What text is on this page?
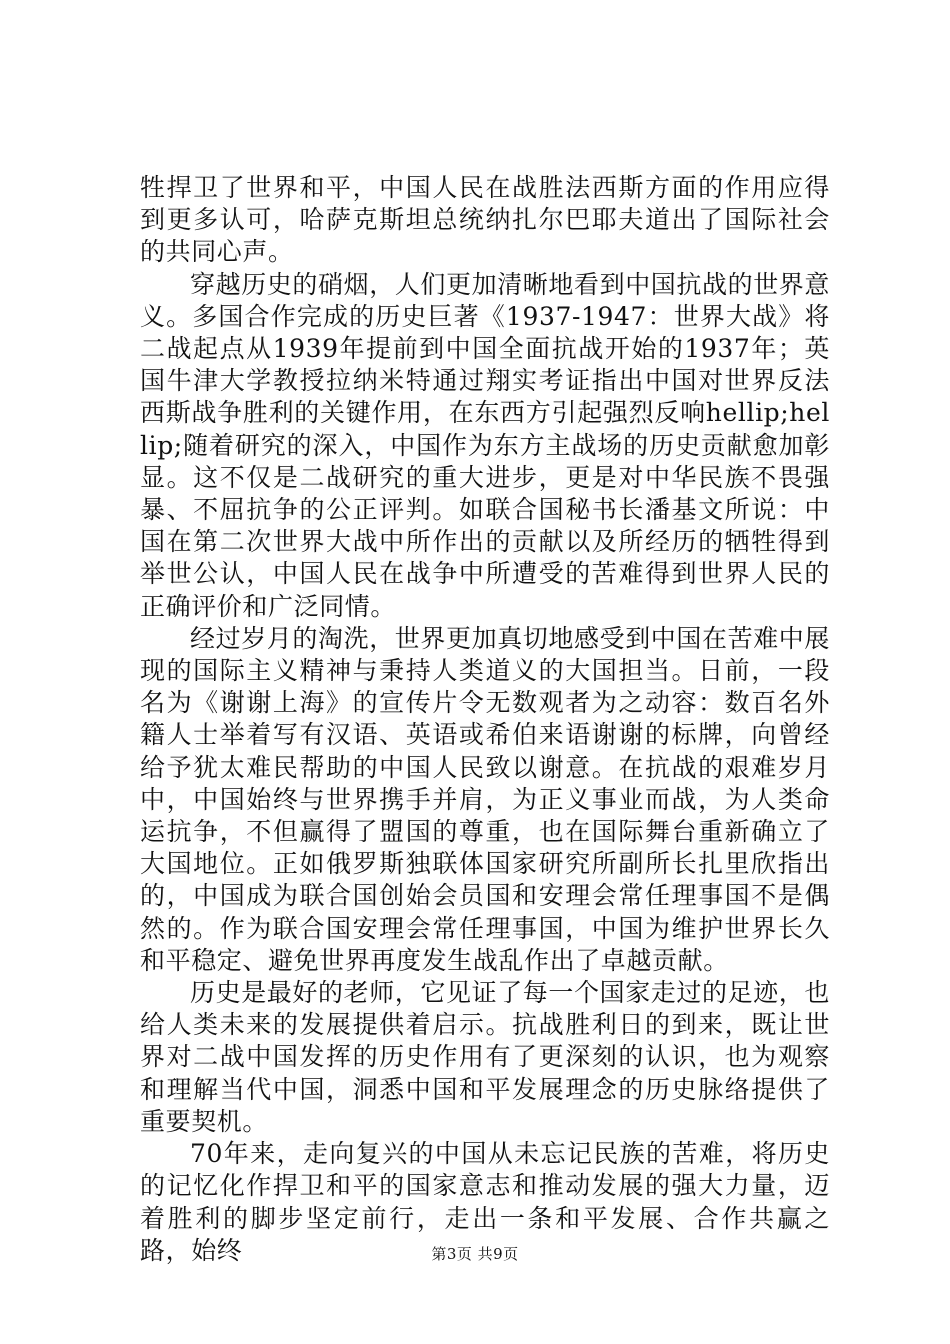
牲捍卫了世界和平，中国人民在战胜法西斯方面的作用应得到更多认可，哈萨克斯坦总统纳扎尔巴耶夫道出了国际社会的共同心声。

穿越历史的硝烟，人们更加清晰地看到中国抗战的世界意义。多国合作完成的历史巨著《1937-1947：世界大战》将二战起点从1939年提前到中国全面抗战开始的1937年；英国牛津大学教授拉纳米特通过翔实考证指出中国对世界反法西斯战争胜利的关键作用，在东西方引起强烈反响hellip;hellip;随着研究的深入，中国作为东方主战场的历史贡献愈加彰显。这不仅是二战研究的重大进步，更是对中华民族不畏强暴、不屈抗争的公正评判。如联合国秘书长潘基文所说：中国在第二次世界大战中所作出的贡献以及所经历的牺牲得到举世公认，中国人民在战争中所遭受的苦难得到世界人民的正确评价和广泛同情。

经过岁月的淘洗，世界更加真切地感受到中国在苦难中展现的国际主义精神与秉持人类道义的大国担当。日前，一段名为《谢谢上海》的宣传片令无数观者为之动容：数百名外籍人士举着写有汉语、英语或希伯来语谢谢的标牌，向曾经给予犹太难民帮助的中国人民致以谢意。在抗战的艰难岁月中，中国始终与世界携手并肩，为正义事业而战，为人类命运抗争，不但赢得了盟国的尊重，也在国际舞台重新确立了大国地位。正如俄罗斯独联体国家研究所副所长扎里欣指出的，中国成为联合国创始会员国和安理会常任理事国不是偶然的。作为联合国安理会常任理事国，中国为维护世界长久和平稳定、避免世界再度发生战乱作出了卓越贡献。

历史是最好的老师，它见证了每一个国家走过的足迹，也给人类未来的发展提供着启示。抗战胜利日的到来，既让世界对二战中国发挥的历史作用有了更深刻的认识，也为观察和理解当代中国，洞悉中国和平发展理念的历史脉络提供了重要契机。

70年来，走向复兴的中国从未忘记民族的苦难，将历史的记忆化作捍卫和平的国家意志和推动发展的强大力量，迈着胜利的脚步坚定前行，走出一条和平发展、合作共赢之路，始终	第3页 共9页
